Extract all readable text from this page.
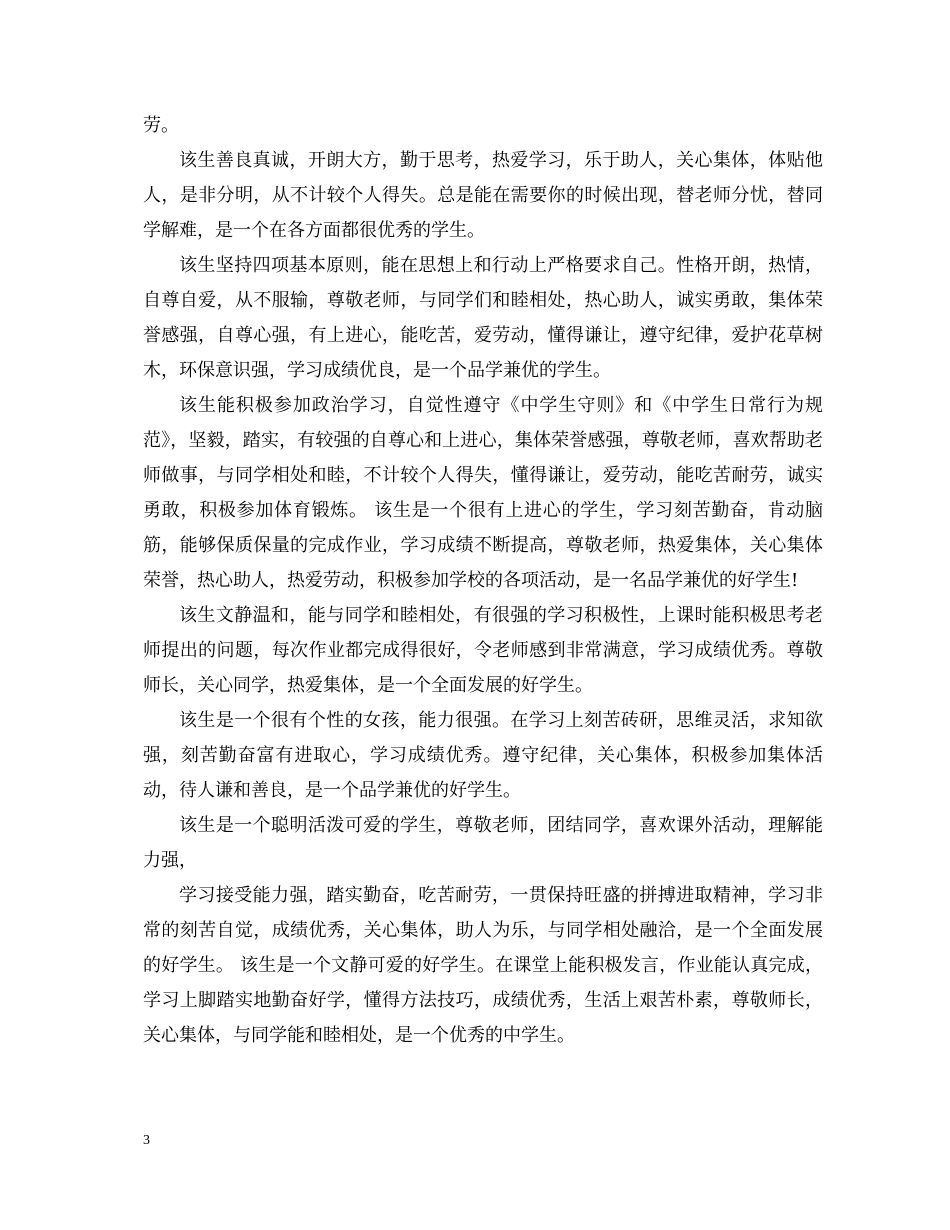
劳。

该生善良真诚，开朗大方，勤于思考，热爱学习，乐于助人，关心集体，体贴他人，是非分明，从不计较个人得失。总是能在需要你的时候出现，替老师分忧，替同学解难，是一个在各方面都很优秀的学生。

该生坚持四项基本原则，能在思想上和行动上严格要求自己。性格开朗，热情，自尊自爱，从不服输，尊敬老师，与同学们和睦相处，热心助人，诚实勇敢，集体荣誉感强，自尊心强，有上进心，能吃苦，爱劳动，懂得谦让，遵守纪律，爱护花草树木，环保意识强，学习成绩优良，是一个品学兼优的学生。

该生能积极参加政治学习，自觉性遵守《中学生守则》和《中学生日常行为规范》，坚毅，踏实，有较强的自尊心和上进心，集体荣誉感强，尊敬老师，喜欢帮助老师做事，与同学相处和睦，不计较个人得失，懂得谦让，爱劳动，能吃苦耐劳，诚实勇敢，积极参加体育锻炼。 该生是一个很有上进心的学生，学习刻苦勤奋，肯动脑筋，能够保质保量的完成作业，学习成绩不断提高，尊敬老师，热爱集体，关心集体荣誉，热心助人，热爱劳动，积极参加学校的各项活动，是一名品学兼优的好学生!

该生文静温和，能与同学和睦相处，有很强的学习积极性，上课时能积极思考老师提出的问题，每次作业都完成得很好，令老师感到非常满意，学习成绩优秀。尊敬师长，关心同学，热爱集体，是一个全面发展的好学生。

该生是一个很有个性的女孩，能力很强。在学习上刻苦砖研，思维灵活，求知欲强，刻苦勤奋富有进取心，学习成绩优秀。遵守纪律，关心集体，积极参加集体活动，待人谦和善良，是一个品学兼优的好学生。

该生是一个聪明活泼可爱的学生，尊敬老师，团结同学，喜欢课外活动，理解能力强，

学习接受能力强，踏实勤奋，吃苦耐劳，一贯保持旺盛的拼搏进取精神，学习非常的刻苦自觉，成绩优秀，关心集体，助人为乐，与同学相处融洽，是一个全面发展的好学生。 该生是一个文静可爱的好学生。在课堂上能积极发言，作业能认真完成，学习上脚踏实地勤奋好学，懂得方法技巧，成绩优秀，生活上艰苦朴素，尊敬师长，关心集体，与同学能和睦相处，是一个优秀的中学生。

3
